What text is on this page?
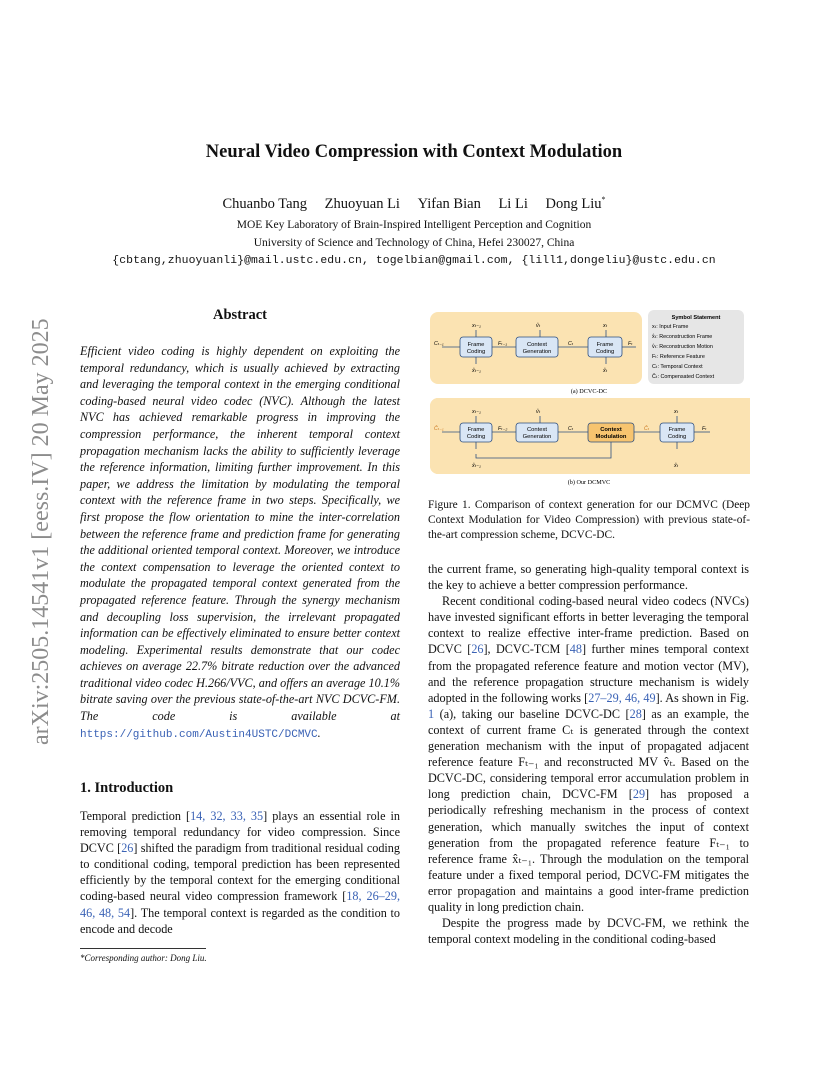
arXiv:2505.14541v1 [eess.IV] 20 May 2025
Neural Video Compression with Context Modulation
Chuanbo Tang Zhuoyuan Li Yifan Bian Li Li Dong Liu*
MOE Key Laboratory of Brain-Inspired Intelligent Perception and Cognition
University of Science and Technology of China, Hefei 230027, China
{cbtang,zhuoyuanli}@mail.ustc.edu.cn, togelbian@gmail.com, {lill1,dongeliu}@ustc.edu.cn
Abstract
Efficient video coding is highly dependent on exploiting the temporal redundancy, which is usually achieved by extracting and leveraging the temporal context in the emerging conditional coding-based neural video codec (NVC). Although the latest NVC has achieved remarkable progress in improving the compression performance, the inherent temporal context propagation mechanism lacks the ability to sufficiently leverage the reference information, limiting further improvement. In this paper, we address the limitation by modulating the temporal context with the reference frame in two steps. Specifically, we first propose the flow orientation to mine the inter-correlation between the reference frame and prediction frame for generating the additional oriented temporal context. Moreover, we introduce the context compensation to leverage the oriented context to modulate the propagated temporal context generated from the propagated reference feature. Through the synergy mechanism and decoupling loss supervision, the irrelevant propagated information can be effectively eliminated to ensure better context modeling. Experimental results demonstrate that our codec achieves on average 22.7% bitrate reduction over the advanced traditional video codec H.266/VVC, and offers an average 10.1% bitrate saving over the previous state-of-the-art NVC DCVC-FM. The code is available at https://github.com/Austin4USTC/DCMVC.
1. Introduction

Temporal prediction [14, 32, 33, 35] plays an essential role in removing temporal redundancy for video compression. Since DCVC [26] shifted the paradigm from traditional residual coding to conditional coding, temporal prediction has been represented efficiently by the temporal context for the emerging conditional coding-based neural video compression framework [18, 26–29, 46, 48, 54]. The temporal context is regarded as the condition to encode and decode

*Corresponding author: Dong Liu.
Symbol Statement
xₜ: Input Frame
x̂ₜ: Reconstruction Frame
v̂ₜ: Reconstruction Motion
Fₜ: Reference Feature
Cₜ: Temporal Context
Ĉₜ: Compensated Context
Frame
Coding
Context
Generation
Frame
Coding
xₜ₋₁
x̂ₜ₋₁
v̂ₜ	xₜ
x̂ₜ
Cₜ₋₁	Fₜ₋₁	Cₜ	Fₜ
(a) DCVC-DC
Frame
Coding
Context
Generation
Context
Modulation
Frame
Coding
xₜ₋₁
x̂ₜ₋₁
v̂ₜ	xₜ
x̂ₜ
Ĉₜ₋₁	Fₜ₋₂	Cₜ	Ĉₜ	Fₜ
(b) Our DCMVC
Figure 1. Comparison of context generation for our DCMVC (Deep Context Modulation for Video Compression) with previous state-of-the-art compression scheme, DCVC-DC.

the current frame, so generating high-quality temporal context is the key to achieve a better compression performance.

Recent conditional coding-based neural video codecs (NVCs) have invested significant efforts in better leveraging the temporal context to realize effective inter-frame prediction. Based on DCVC [26], DCVC-TCM [48] further mines temporal context from the propagated reference feature and motion vector (MV), and the reference propagation structure mechanism is widely adopted in the following works [27–29, 46, 49]. As shown in Fig. 1 (a), taking our baseline DCVC-DC [28] as an example, the context of current frame Cₜ is generated through the context generation mechanism with the input of propagated adjacent reference feature Fₜ₋₁ and reconstructed MV v̂ₜ. Based on the DCVC-DC, considering temporal error accumulation problem in long prediction chain, DCVC-FM [29] has proposed a periodically refreshing mechanism in the process of context generation, which manually switches the input of context generation from the propagated reference feature Fₜ₋₁ to reference frame x̂ₜ₋₁. Through the modulation on the temporal feature under a fixed temporal period, DCVC-FM mitigates the error propagation and maintains a good inter-frame prediction quality in long prediction chain.

Despite the progress made by DCVC-FM, we rethink the temporal context modeling in the conditional coding-based
